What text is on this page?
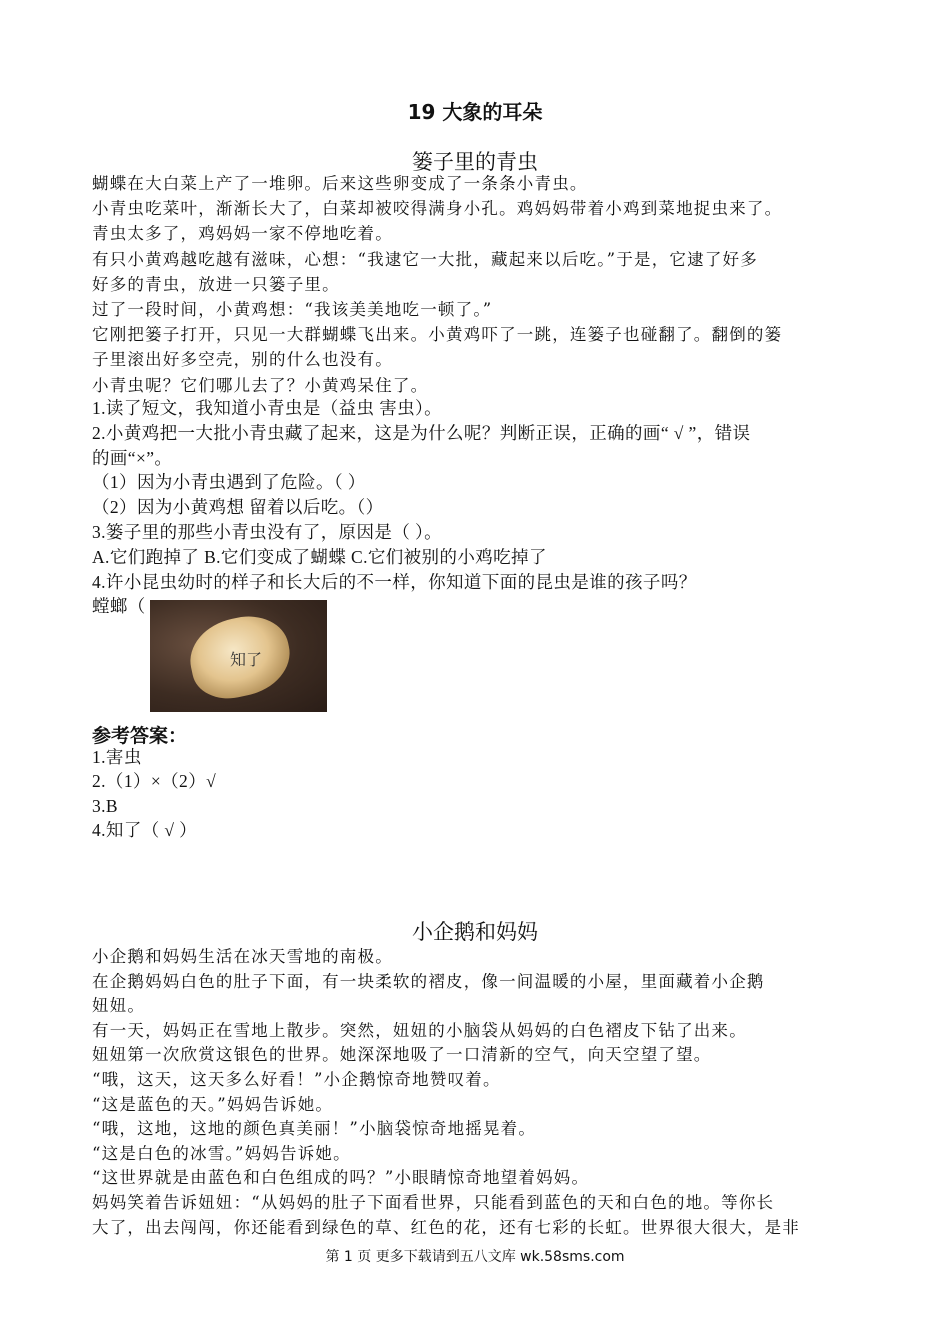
19 大象的耳朵
篓子里的青虫
蝴蝶在大白菜上产了一堆卵。后来这些卵变成了一条条小青虫。
小青虫吃菜叶，渐渐长大了，白菜却被咬得满身小孔。鸡妈妈带着小鸡到菜地捉虫来了。
青虫太多了，鸡妈妈一家不停地吃着。
有只小黄鸡越吃越有滋味，心想：“我逮它一大批，藏起来以后吃。”于是，它逮了好多
好多的青虫，放进一只篓子里。
过了一段时间，小黄鸡想：“我该美美地吃一顿了。”
它刚把篓子打开，只见一大群蝴蝶飞出来。小黄鸡吓了一跳，连篓子也碰翻了。翻倒的篓
子里滚出好多空壳，别的什么也没有。
小青虫呢？它们哪儿去了？小黄鸡呆住了。
1.读了短文，我知道小青虫是（益虫 害虫）。
2.小黄鸡把一大批小青虫藏了起来，这是为什么呢？判断正误，正确的画“ √ ”，错误
的画“×”。
（1）因为小青虫遇到了危险。（ ）
（2）因为小黄鸡想 留着以后吃。（）
3.篓子里的那些小青虫没有了，原因是（ ）。
A.它们跑掉了 B.它们变成了蝴蝶 C.它们被别的小鸡吃掉了
4.许小昆虫幼时的样子和长大后的不一样，你知道下面的昆虫是谁的孩子吗？
螳螂（
知了
参考答案：
1.害虫
2.（1）×（2）√
3.B
4.知了（ √ ）
小企鹅和妈妈
小企鹅和妈妈生活在冰天雪地的南极。
在企鹅妈妈白色的肚子下面，有一块柔软的褶皮，像一间温暖的小屋，里面藏着小企鹅
妞妞。
有一天，妈妈正在雪地上散步。突然，妞妞的小脑袋从妈妈的白色褶皮下钻了出来。
妞妞第一次欣赏这银色的世界。她深深地吸了一口清新的空气，向天空望了望。
“哦，这天，这天多么好看！”小企鹅惊奇地赞叹着。
“这是蓝色的天。”妈妈告诉她。
“哦，这地，这地的颜色真美丽！”小脑袋惊奇地摇晃着。
“这是白色的冰雪。”妈妈告诉她。
“这世界就是由蓝色和白色组成的吗？”小眼睛惊奇地望着妈妈。
妈妈笑着告诉妞妞：“从妈妈的肚子下面看世界，只能看到蓝色的天和白色的地。等你长
大了，出去闯闯，你还能看到绿色的草、红色的花，还有七彩的长虹。世界很大很大，是非
第 1 页 更多下载请到五八文库 wk.58sms.com
